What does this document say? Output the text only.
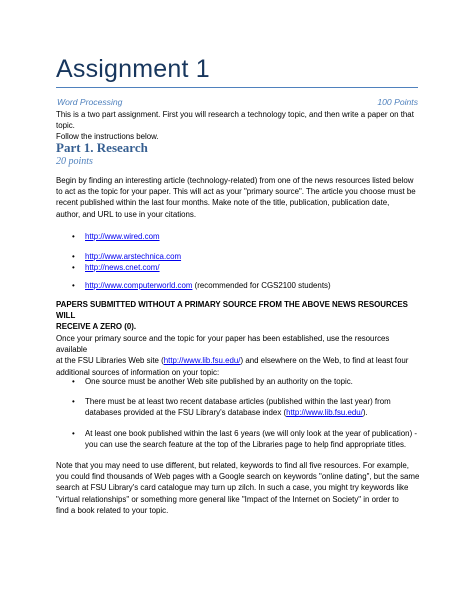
Assignment 1
Word Processing	100 Points

This is a two part assignment. First you will research a technology topic, and then write a paper on that topic.
Follow the instructions below.

Part 1. Research
20 points

Begin by finding an interesting article (technology-related) from one of the news resources listed below
to act as the topic for your paper. This will act as your "primary source". The article you choose must be
recent published within the last four months. Make note of the title, publication, publication date,
author, and URL to use in your citations.

•	http://www.wired.com
•	http://www.arstechnica.com
•	http://news.cnet.com/
•	http://www.computerworld.com (recommended for CGS2100 students)

PAPERS SUBMITTED WITHOUT A PRIMARY SOURCE FROM THE ABOVE NEWS RESOURCES WILL
RECEIVE A ZERO (0).

Once your primary source and the topic for your paper has been established, use the resources available
at the FSU Libraries Web site (http://www.lib.fsu.edu/) and elsewhere on the Web, to find at least four
additional sources of information on your topic:

•	One source must be another Web site published by an authority on the topic.
•	There must be at least two recent database articles (published within the last year) from
databases provided at the FSU Library's database index (http://www.lib.fsu.edu/).
•	At least one book published within the last 6 years (we will only look at the year of publication) -
you can use the search feature at the top of the Libraries page to help find appropriate titles.

Note that you may need to use different, but related, keywords to find all five resources. For example,
you could find thousands of Web pages with a Google search on keywords "online dating", but the same
search at FSU Library's card catalogue may turn up zilch. In such a case, you might try keywords like
"virtual relationships" or something more general like "Impact of the Internet on Society" in order to
find a book related to your topic.
